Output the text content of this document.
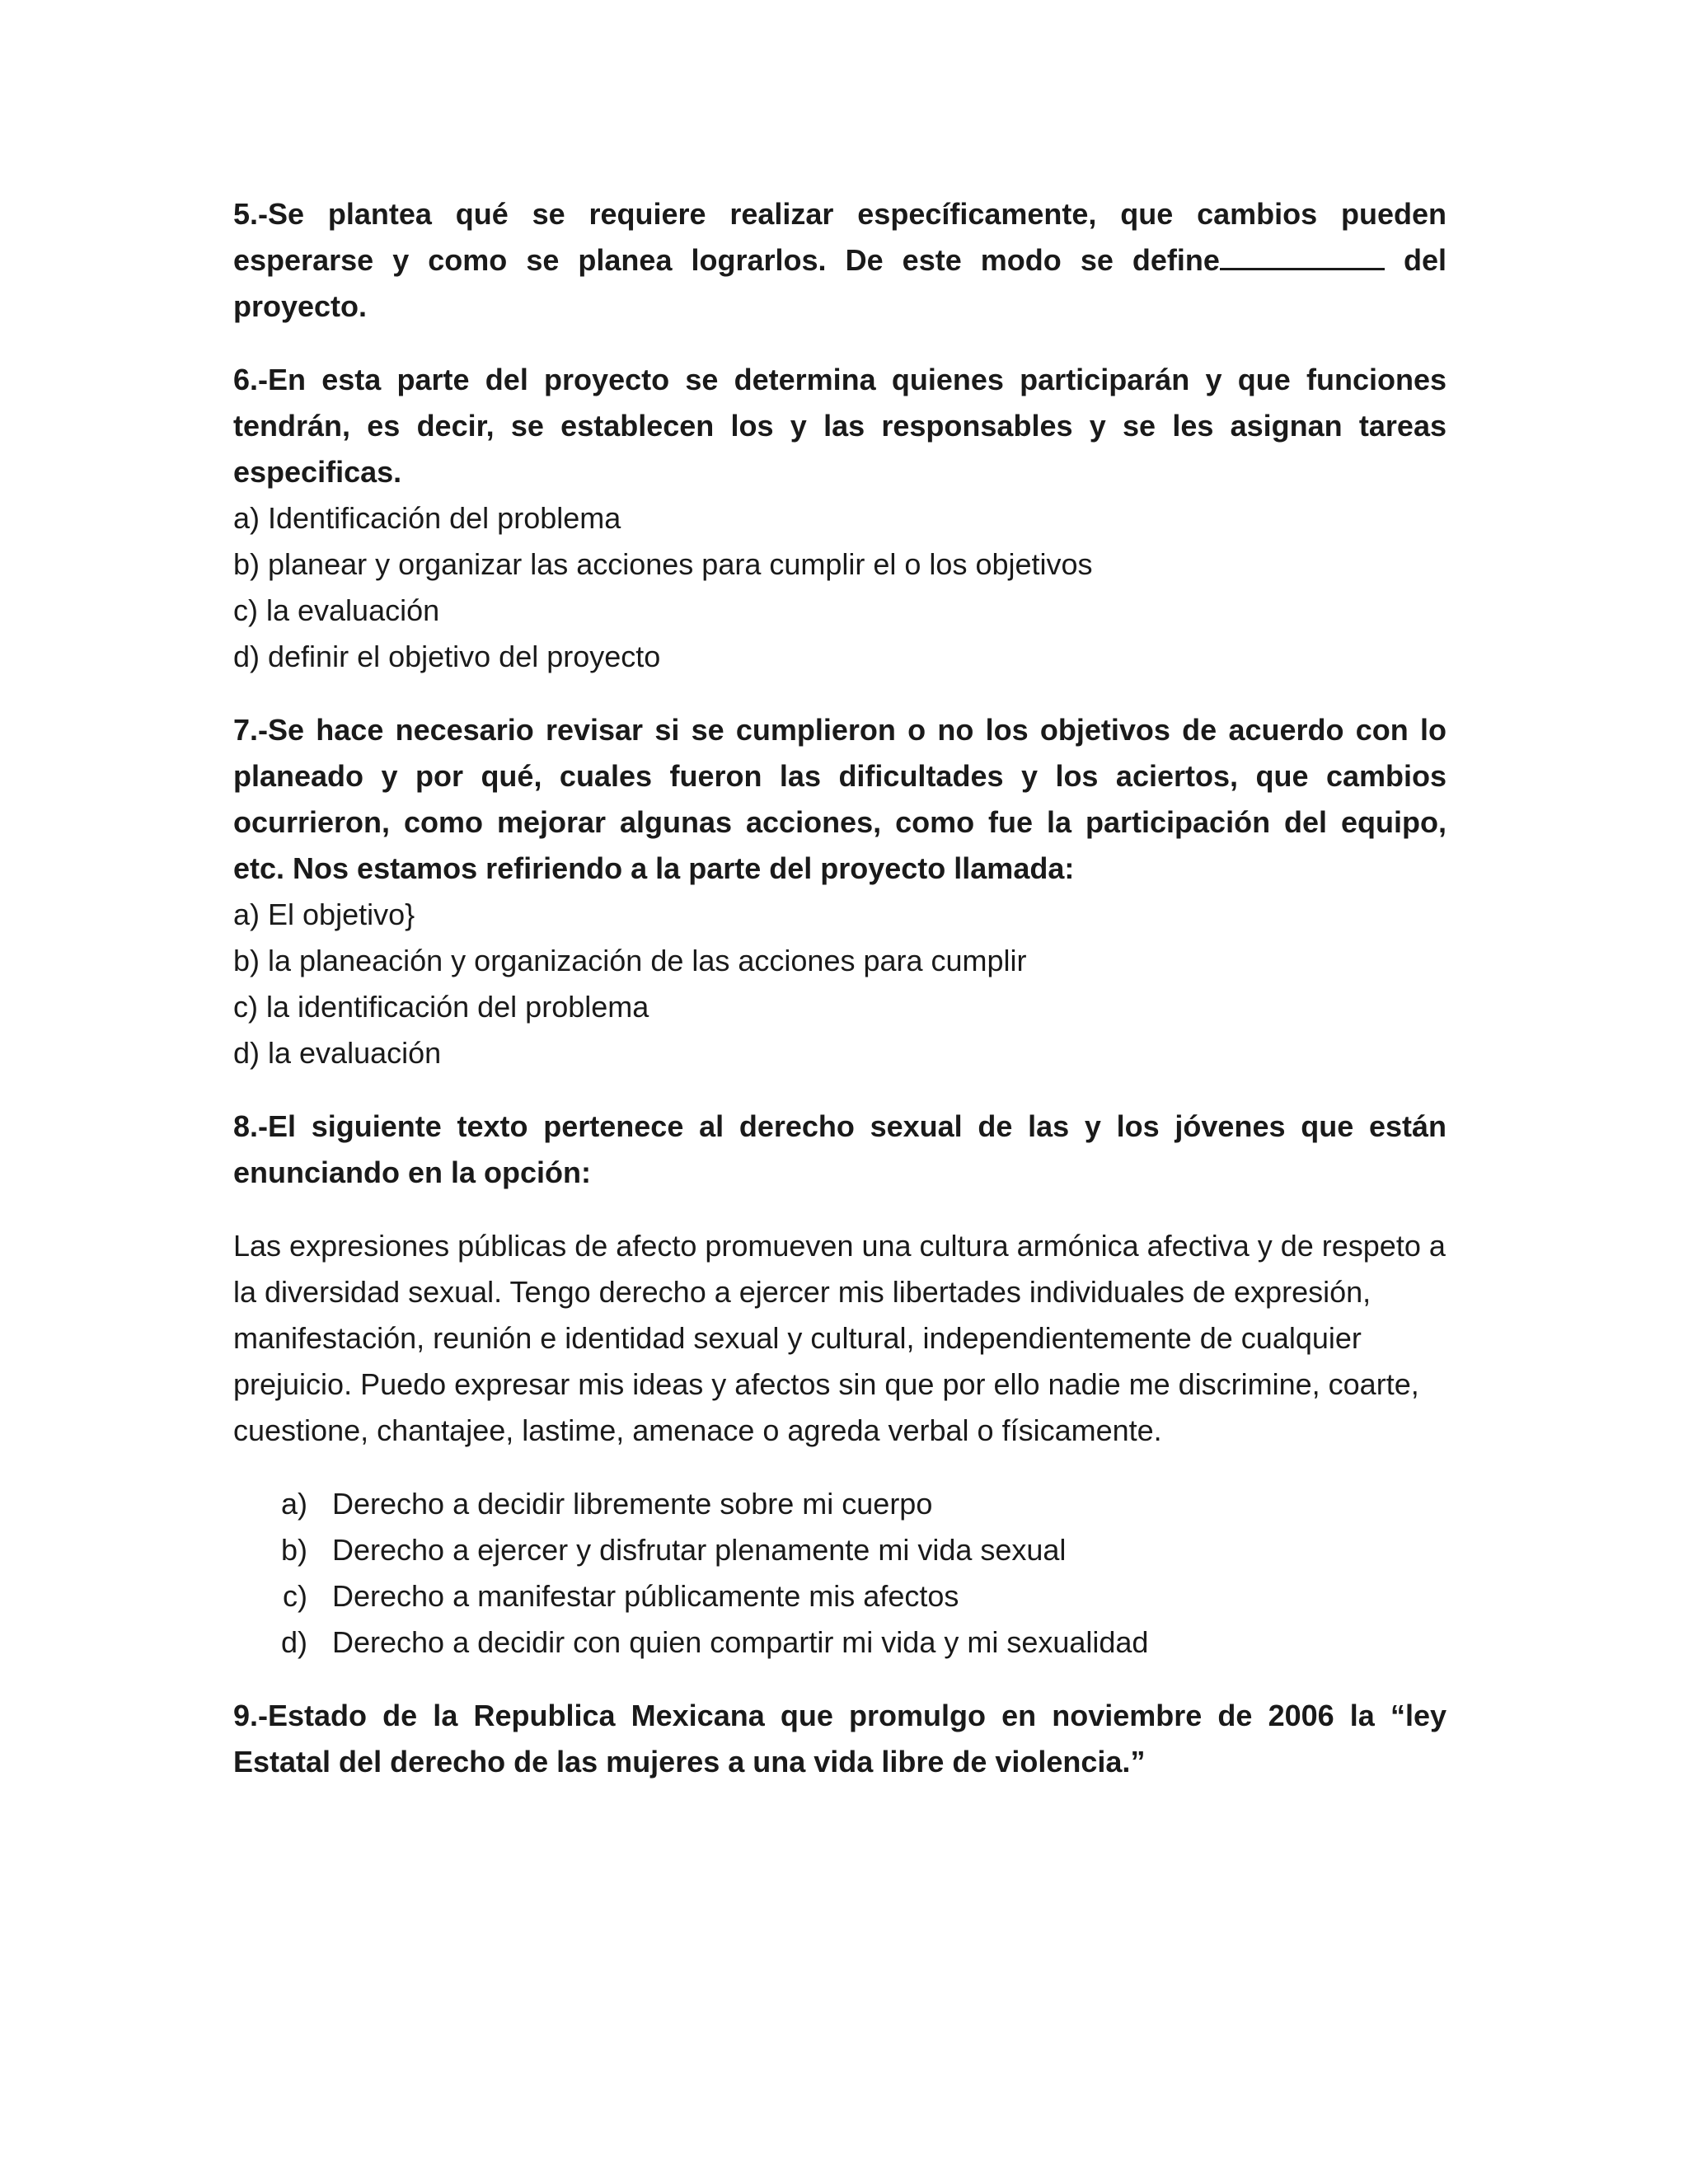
5.-Se plantea qué se requiere realizar específicamente, que cambios pueden esperarse y como se planea lograrlos. De este modo se define	del proyecto.

6.-En esta parte del proyecto se determina quienes participarán y que funciones tendrán, es decir, se establecen los y las responsables y se les asignan tareas especificas.

a) Identificación del problema

b) planear y organizar las acciones para cumplir el o los objetivos

c) la evaluación

d) definir el objetivo del proyecto

7.-Se hace necesario revisar si se cumplieron o no los objetivos de acuerdo con lo planeado y por qué, cuales fueron las dificultades y los aciertos, que cambios ocurrieron, como mejorar algunas acciones, como fue la participación del equipo, etc. Nos estamos refiriendo a la parte del proyecto llamada:

a) El objetivo}

b) la planeación y organización de las acciones para cumplir

c) la identificación del problema

d) la evaluación

8.-El siguiente texto pertenece al derecho sexual de las y los jóvenes que están enunciando en la opción:

Las expresiones públicas de afecto promueven una cultura armónica afectiva y de respeto a la diversidad sexual. Tengo derecho a ejercer mis libertades individuales de expresión, manifestación, reunión e identidad sexual y cultural, independientemente de cualquier prejuicio. Puedo expresar mis ideas y afectos sin que por ello nadie me discrimine, coarte, cuestione, chantajee, lastime, amenace o agreda verbal o físicamente.

a) Derecho a decidir libremente sobre mi cuerpo
b) Derecho a ejercer y disfrutar plenamente mi vida sexual
c) Derecho a manifestar públicamente mis afectos
d) Derecho a decidir con quien compartir mi vida y mi sexualidad

9.-Estado de la Republica Mexicana que promulgo en noviembre de 2006 la “ley Estatal del derecho de las mujeres a una vida libre de violencia.”
